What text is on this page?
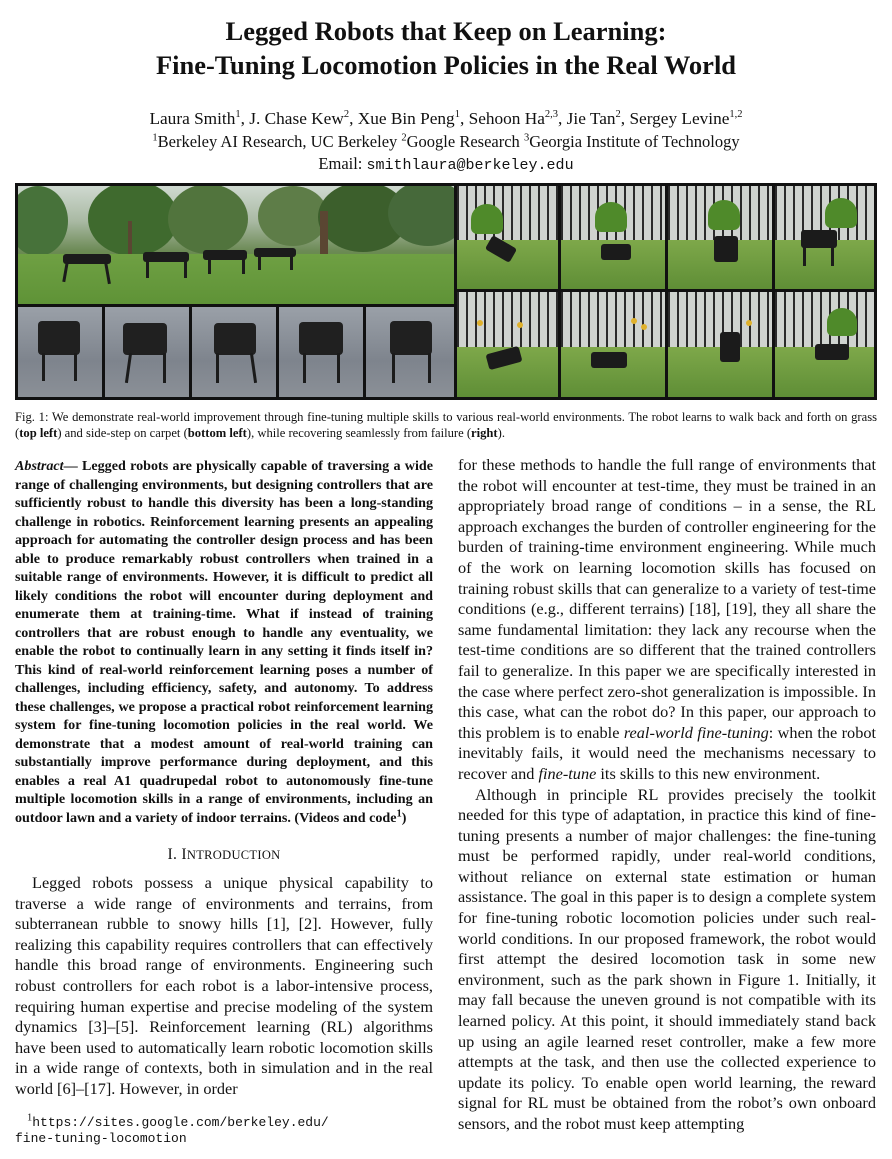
Legged Robots that Keep on Learning:
Fine-Tuning Locomotion Policies in the Real World
Laura Smith$^1$, J. Chase Kew$^2$, Xue Bin Peng$^1$, Sehoon Ha$^{2,3}$, Jie Tan$^2$, Sergey Levine$^{1,2}$
$^1$Berkeley AI Research, UC Berkeley $^2$Google Research $^3$Georgia Institute of Technology
Email: smithlaura@berkeley.edu
Fig. 1: We demonstrate real-world improvement through fine-tuning multiple skills to various real-world environments. The robot learns to walk back and forth on grass (top left) and side-step on carpet (bottom left), while recovering seamlessly from failure (right).
Abstract— Legged robots are physically capable of traversing a wide range of challenging environments, but designing controllers that are sufficiently robust to handle this diversity has been a long-standing challenge in robotics. Reinforcement learning presents an appealing approach for automating the controller design process and has been able to produce remarkably robust controllers when trained in a suitable range of environments. However, it is difficult to predict all likely conditions the robot will encounter during deployment and enumerate them at training-time. What if instead of training controllers that are robust enough to handle any eventuality, we enable the robot to continually learn in any setting it finds itself in? This kind of real-world reinforcement learning poses a number of challenges, including efficiency, safety, and autonomy. To address these challenges, we propose a practical robot reinforcement learning system for fine-tuning locomotion policies in the real world. We demonstrate that a modest amount of real-world training can substantially improve performance during deployment, and this enables a real A1 quadrupedal robot to autonomously fine-tune multiple locomotion skills in a range of environments, including an outdoor lawn and a variety of indoor terrains. (Videos and code$^1$)
I. INTRODUCTION

Legged robots possess a unique physical capability to traverse a wide range of environments and terrains, from subterranean rubble to snowy hills [1], [2]. However, fully realizing this capability requires controllers that can effectively handle this broad range of environments. Engineering such robust controllers for each robot is a labor-intensive process, requiring human expertise and precise modeling of the system dynamics [3]–[5]. Reinforcement learning (RL) algorithms have been used to automatically learn robotic locomotion skills in a wide range of contexts, both in simulation and in the real world [6]–[17]. However, in order

$^1$https://sites.google.com/berkeley.edu/
fine-tuning-locomotion

for these methods to handle the full range of environments that the robot will encounter at test-time, they must be trained in an appropriately broad range of conditions – in a sense, the RL approach exchanges the burden of controller engineering for the burden of training-time environment engineering. While much of the work on learning locomotion skills has focused on training robust skills that can generalize to a variety of test-time conditions (e.g., different terrains) [18], [19], they all share the same fundamental limitation: they lack any recourse when the test-time conditions are so different that the trained controllers fail to generalize. In this paper we are specifically interested in the case where perfect zero-shot generalization is impossible. In this case, what can the robot do? In this paper, our approach to this problem is to enable real-world fine-tuning: when the robot inevitably fails, it would need the mechanisms necessary to recover and fine-tune its skills to this new environment.

Although in principle RL provides precisely the toolkit needed for this type of adaptation, in practice this kind of fine-tuning presents a number of major challenges: the fine-tuning must be performed rapidly, under real-world conditions, without reliance on external state estimation or human assistance. The goal in this paper is to design a complete system for fine-tuning robotic locomotion policies under such real-world conditions. In our proposed framework, the robot would first attempt the desired locomotion task in some new environment, such as the park shown in Figure 1. Initially, it may fall because the uneven ground is not compatible with its learned policy. At this point, it should immediately stand back up using an agile learned reset controller, make a few more attempts at the task, and then use the collected experience to update its policy. To enable open world learning, the reward signal for RL must be obtained from the robot’s own onboard sensors, and the robot must keep attempting
